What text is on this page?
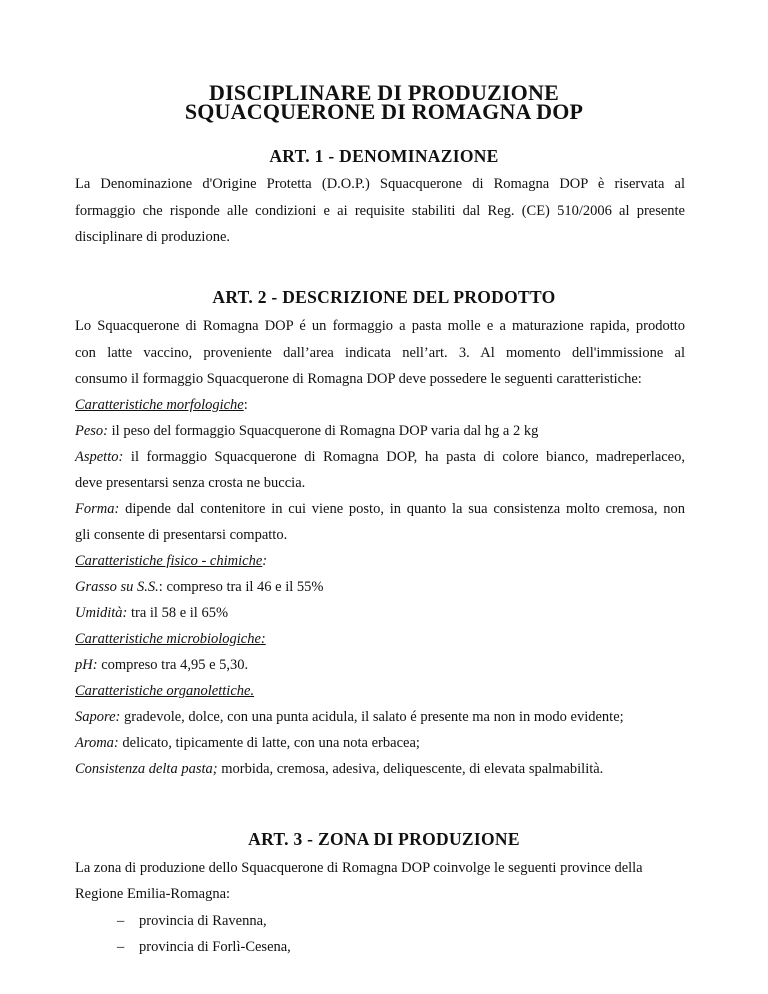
DISCIPLINARE DI PRODUZIONE
SQUACQUERONE DI ROMAGNA DOP
ART. 1 - DENOMINAZIONE

La Denominazione d'Origine Protetta (D.O.P.) Squacquerone di Romagna DOP è riservata al

formaggio che risponde alle condizioni e ai requisite stabiliti dal Reg. (CE) 510/2006 al presente

disciplinare di produzione.

ART. 2 - DESCRIZIONE DEL PRODOTTO

Lo Squacquerone di Romagna DOP é un formaggio a pasta molle e a maturazione rapida, prodotto

con latte vaccino, proveniente dall’area indicata nell’art. 3. Al momento dell'immissione al

consumo il formaggio Squacquerone di Romagna DOP deve possedere le seguenti caratteristiche:

Caratteristiche morfologiche:

Peso: il peso del formaggio Squacquerone di Romagna DOP varia dal hg a 2 kg

Aspetto: il formaggio Squacquerone di Romagna DOP, ha pasta di colore bianco, madreperlaceo,

deve presentarsi senza crosta ne buccia.

Forma: dipende dal contenitore in cui viene posto, in quanto la sua consistenza molto cremosa, non

gli consente di presentarsi compatto.

Caratteristiche fisico - chimiche:

Grasso su S.S.: compreso tra il 46 e il 55%

Umidità: tra il 58 e il 65%

Caratteristiche microbiologiche:

pH: compreso tra 4,95 e 5,30.

Caratteristiche organolettiche.

Sapore: gradevole, dolce, con una punta acidula, il salato é presente ma non in modo evidente;

Aroma: delicato, tipicamente di latte, con una nota erbacea;

Consistenza delta pasta; morbida, cremosa, adesiva, deliquescente, di elevata spalmabilità.

ART. 3 - ZONA DI PRODUZIONE

La zona di produzione dello Squacquerone di Romagna DOP coinvolge le seguenti province della

Regione Emilia-Romagna:

– provincia di Ravenna,
– provincia di Forlì-Cesena,
